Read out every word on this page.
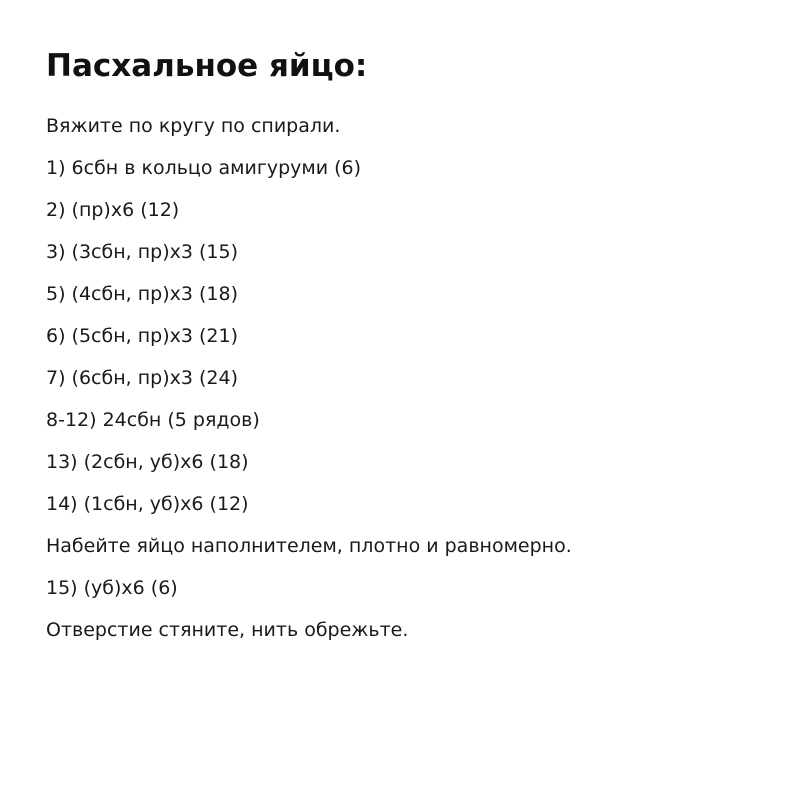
Пасхальное яйцо:
Вяжите по кругу по спирали.
1) 6сбн в кольцо амигуруми (6)
2) (пр)х6 (12)
3) (3сбн, пр)х3 (15)
5) (4сбн, пр)х3 (18)
6) (5сбн, пр)х3 (21)
7) (6сбн, пр)х3 (24)
8-12) 24сбн (5 рядов)
13) (2сбн, уб)х6 (18)
14) (1сбн, уб)х6 (12)
Набейте яйцо наполнителем, плотно и равномерно.
15) (уб)х6 (6)
Отверстие стяните, нить обрежьте.
